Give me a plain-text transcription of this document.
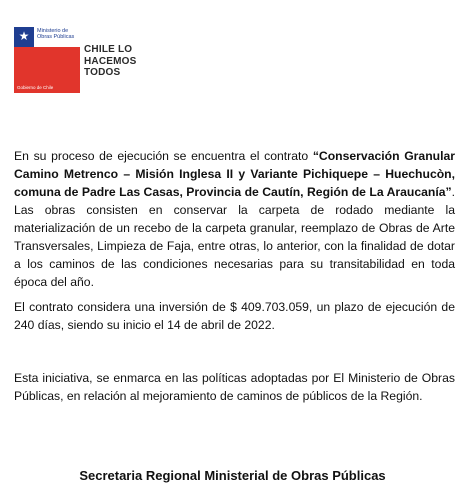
★ Ministerio de
Obras Públicas
Gobierno de Chile
CHILE LO
HACEMOS
TODOS

En su proceso de ejecución se encuentra el contrato “Conservación Granular Camino Metrenco – Misión Inglesa II y Variante Pichiquepe – Huechucòn, comuna de Padre Las Casas, Provincia de Cautín, Región de La Araucanía”. Las obras consisten en conservar la carpeta de rodado mediante la materialización de un recebo de la carpeta granular, reemplazo de Obras de Arte Transversales, Limpieza de Faja, entre otras, lo anterior, con la finalidad de dotar a los caminos de las condiciones necesarias para su transitabilidad en toda época del año.

El contrato considera una inversión de $ 409.703.059, un plazo de ejecución de 240 días, siendo su inicio el 14 de abril de 2022.

Esta iniciativa, se enmarca en las políticas adoptadas por El Ministerio de Obras Públicas, en relación al mejoramiento de caminos de públicos de la Región.

Secretaria Regional Ministerial de Obras Públicas
